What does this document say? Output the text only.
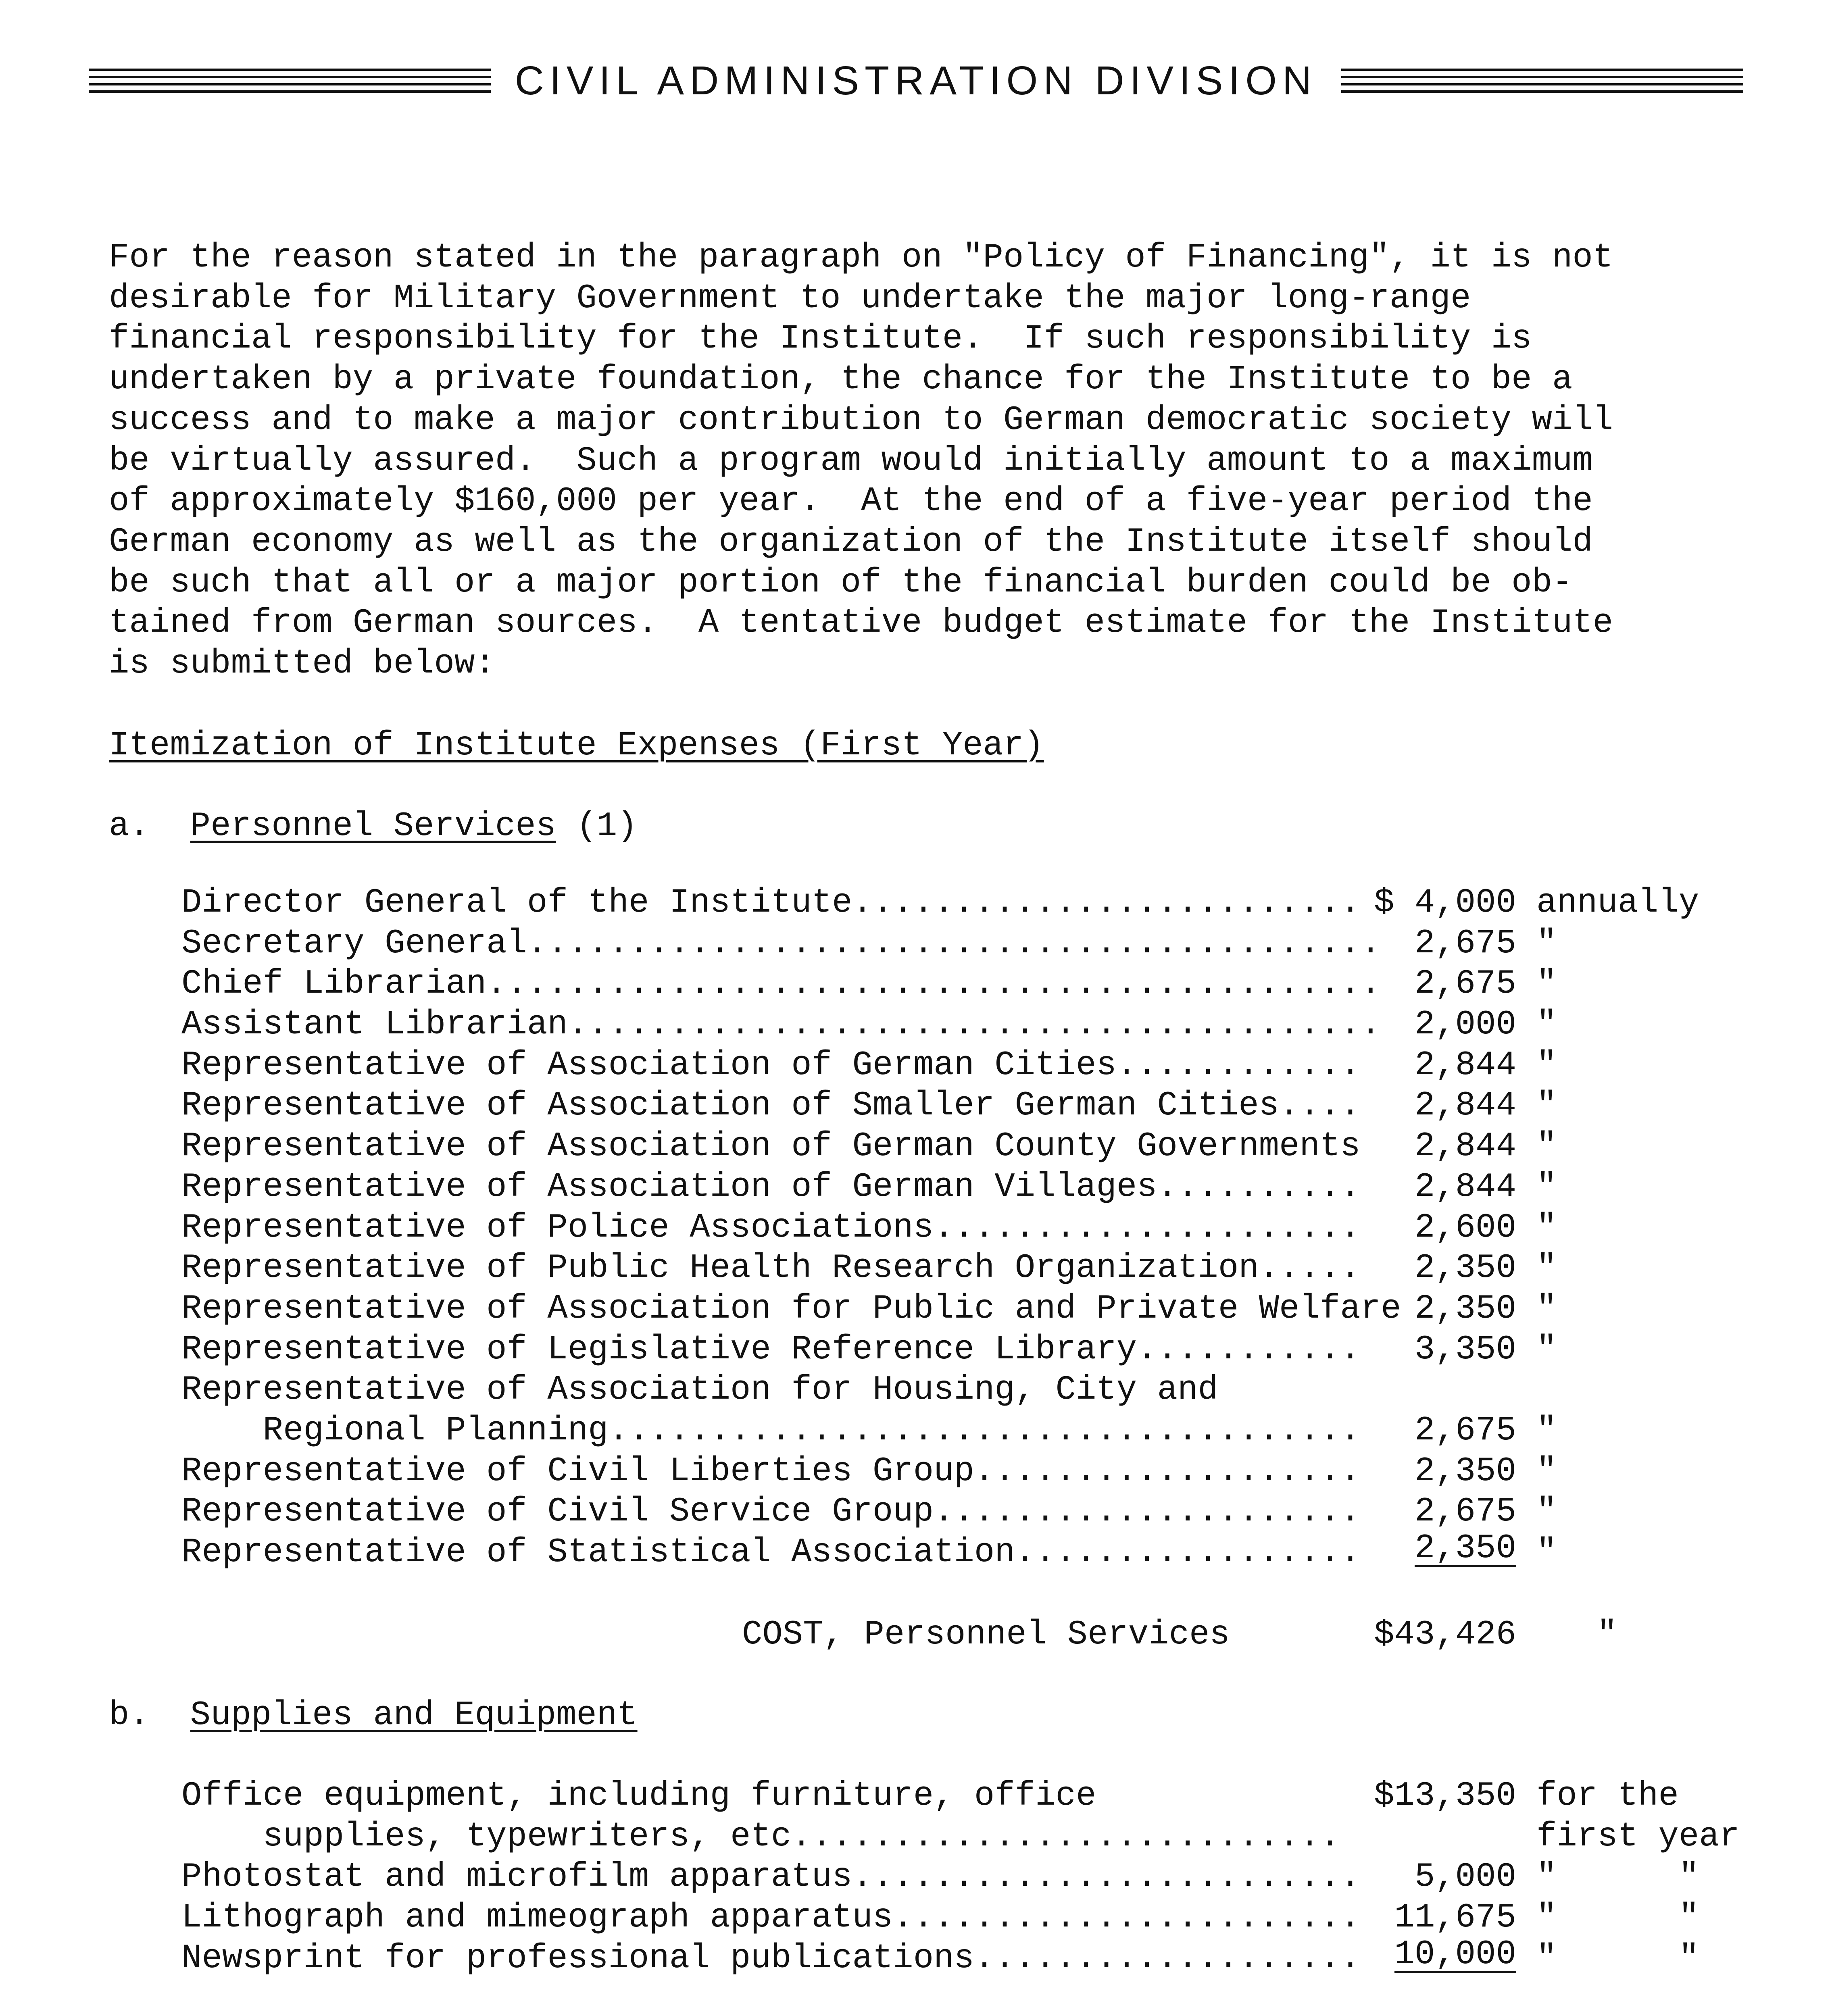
CIVIL ADMINISTRATION DIVISION
For the reason stated in the paragraph on "Policy of Financing", it is not
desirable for Military Government to undertake the major long-range
financial responsibility for the Institute.  If such responsibility is
undertaken by a private foundation, the chance for the Institute to be a
success and to make a major contribution to German democratic society will
be virtually assured.  Such a program would initially amount to a maximum
of approximately $160,000 per year.  At the end of a five-year period the
German economy as well as the organization of the Institute itself should
be such that all or a major portion of the financial burden could be ob-
tained from German sources.  A tentative budget estimate for the Institute
is submitted below:
Itemization of Institute Expenses (First Year)
a. Personnel Services (1)
Director General of the Institute......................... $ 4,000 annually
Secretary General.......................................... 2,675 "
Chief Librarian............................................ 2,675 "
Assistant Librarian........................................ 2,000 "
Representative of Association of German Cities............ 2,844 "
Representative of Association of Smaller German Cities.... 2,844 "
Representative of Association of German County Governments 2,844 "
Representative of Association of German Villages.......... 2,844 "
Representative of Police Associations..................... 2,600 "
Representative of Public Health Research Organization..... 2,350 "
Representative of Association for Public and Private Welfare 2,350 "
Representative of Legislative Reference Library........... 3,350 "
Representative of Association for Housing, City and
Regional Planning..................................... 2,675 "
Representative of Civil Liberties Group................... 2,350 "
Representative of Civil Service Group..................... 2,675 "
Representative of Statistical Association................. 2,350 "
COST, Personnel Services	$43,426 "
b. Supplies and Equipment
Office equipment, including furniture, office	$13,350 for the
supplies, typewriters, etc...........................	first year
Photostat and microfilm apparatus......................... 5,000 "      "
Lithograph and mimeograph apparatus....................... 11,675 "      "
Newsprint for professional publications................... 10,000 "      "
